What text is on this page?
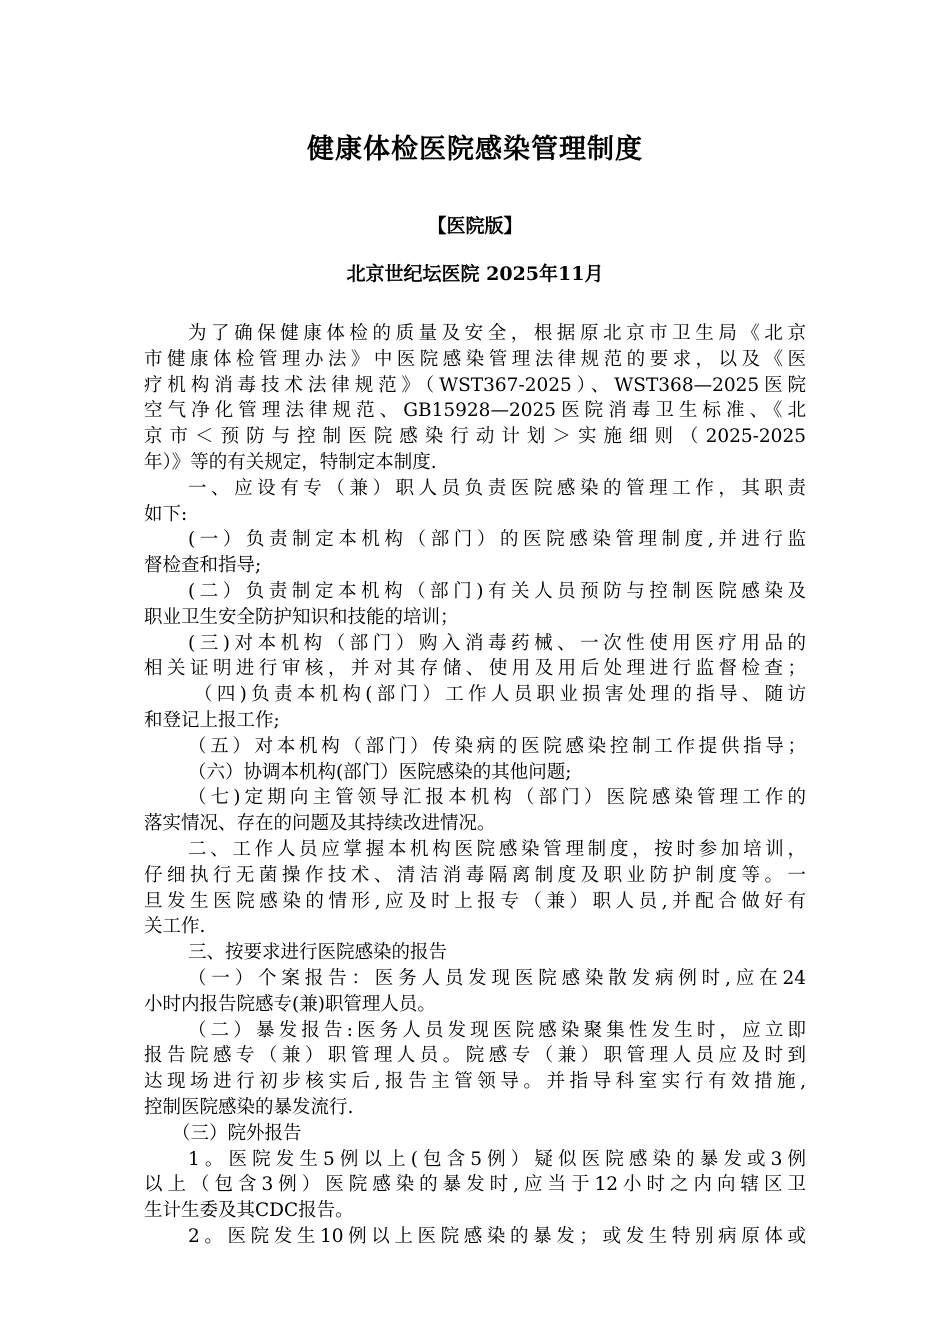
健康体检医院感染管理制度
【医院版】
北京世纪坛医院 2025年11月
为了确保健康体检的质量及安全，根据原北京市卫生局《北京
市健康体检管理办法》中医院感染管理法律规范的要求，以及《医
疗机构消毒技术法律规范》（WST367-2025）、WST368—2025医院
空气净化管理法律规范、GB15928—2025医院消毒卫生标准、《北
京市＜预防与控制医院感染行动计划＞实施细则（2025-2025
年）》等的有关规定，特制定本制度.
一、应设有专（兼）职人员负责医院感染的管理工作，其职责
如下:
(一）负责制定本机构（部门）的医院感染管理制度,并进行监
督检查和指导;
(二）负责制定本机构（部门)有关人员预防与控制医院感染及
职业卫生安全防护知识和技能的培训；
(三)对本机构（部门）购入消毒药械、一次性使用医疗用品的
相关证明进行审核，并对其存储、使用及用后处理进行监督检查；
（四)负责本机构(部门）工作人员职业损害处理的指导、随访
和登记上报工作;
（五）对本机构（部门）传染病的医院感染控制工作提供指导；
（六）协调本机构(部门）医院感染的其他问题;
（七)定期向主管领导汇报本机构（部门）医院感染管理工作的
落实情况、存在的问题及其持续改进情况。
二、工作人员应掌握本机构医院感染管理制度，按时参加培训，
仔细执行无菌操作技术、清洁消毒隔离制度及职业防护制度等。一
旦发生医院感染的情形,应及时上报专（兼）职人员,并配合做好有
关工作.
三、按要求进行医院感染的报告
（一）个案报告：医务人员发现医院感染散发病例时,应在24
小时内报告院感专(兼)职管理人员。
（二）暴发报告:医务人员发现医院感染聚集性发生时，应立即
报告院感专（兼）职管理人员。院感专（兼）职管理人员应及时到
达现场进行初步核实后,报告主管领导。并指导科室实行有效措施,
控制医院感染的暴发流行.
（三）院外报告
1。医院发生5例以上(包含5例）疑似医院感染的暴发或3例
以上（包含3例）医院感染的暴发时,应当于12小时之内向辖区卫
生计生委及其CDC报告。
2。医院发生10例以上医院感染的暴发；或发生特别病原体或
